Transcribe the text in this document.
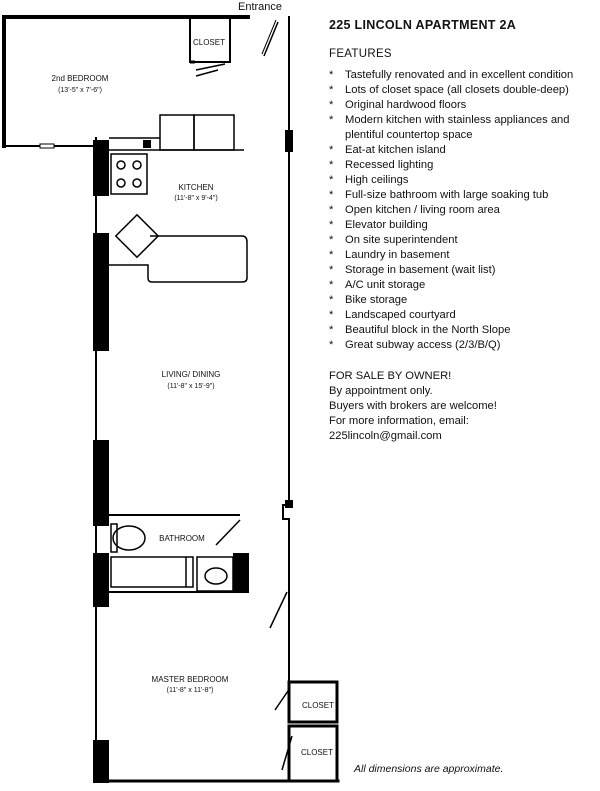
Entrance
2nd BEDROOM
(13'-5" x 7'-6")
CLOSET
KITCHEN
(11'-8" x 9'-4")
LIVING/ DINING
(11'-8" x 15'-9")
BATHROOM
MASTER BEDROOM
(11'-8" x 11'-8")
CLOSET
CLOSET
225 LINCOLN APARTMENT 2A
FEATURES
* Tastefully renovated and in excellent condition
* Lots of closet space (all closets double-deep)
* Original hardwood floors
* Modern kitchen with stainless appliances and plentiful countertop space
* Eat-at kitchen island
* Recessed lighting
* High ceilings
* Full-size bathroom with large soaking tub
* Open kitchen / living room area
* Elevator building
* On site superintendent
* Laundry in basement
* Storage in basement (wait list)
* A/C unit storage
* Bike storage
* Landscaped courtyard
* Beautiful block in the North Slope
* Great subway access (2/3/B/Q)
FOR SALE BY OWNER!
By appointment only.
Buyers with brokers are welcome!
For more information, email:
225lincoln@gmail.com
All dimensions are approximate.
